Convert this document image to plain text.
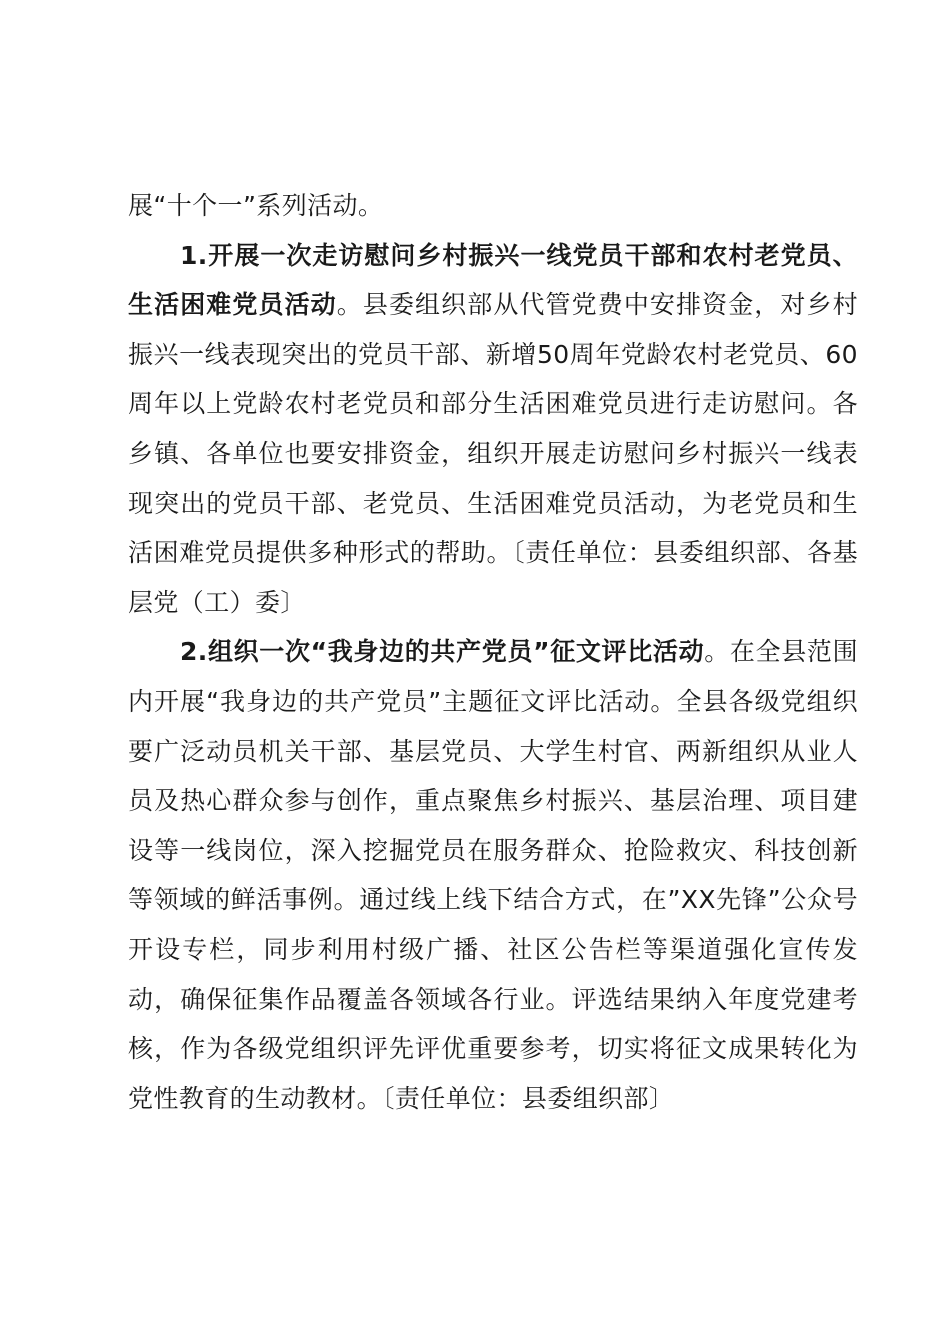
展“十个一”系列活动。

1.开展一次走访慰问乡村振兴一线党员干部和农村老党员、生活困难党员活动。县委组织部从代管党费中安排资金，对乡村振兴一线表现突出的党员干部、新增50周年党龄农村老党员、60周年以上党龄农村老党员和部分生活困难党员进行走访慰问。各乡镇、各单位也要安排资金，组织开展走访慰问乡村振兴一线表现突出的党员干部、老党员、生活困难党员活动，为老党员和生活困难党员提供多种形式的帮助。〔责任单位：县委组织部、各基层党（工）委〕

2.组织一次“我身边的共产党员”征文评比活动。在全县范围内开展“我身边的共产党员”主题征文评比活动。全县各级党组织要广泛动员机关干部、基层党员、大学生村官、两新组织从业人员及热心群众参与创作，重点聚焦乡村振兴、基层治理、项目建设等一线岗位，深入挖掘党员在服务群众、抢险救灾、科技创新等领域的鲜活事例。通过线上线下结合方式，在”XX先锋”公众号开设专栏，同步利用村级广播、社区公告栏等渠道强化宣传发动，确保征集作品覆盖各领域各行业。评选结果纳入年度党建考核，作为各级党组织评先评优重要参考，切实将征文成果转化为党性教育的生动教材。〔责任单位：县委组织部〕
